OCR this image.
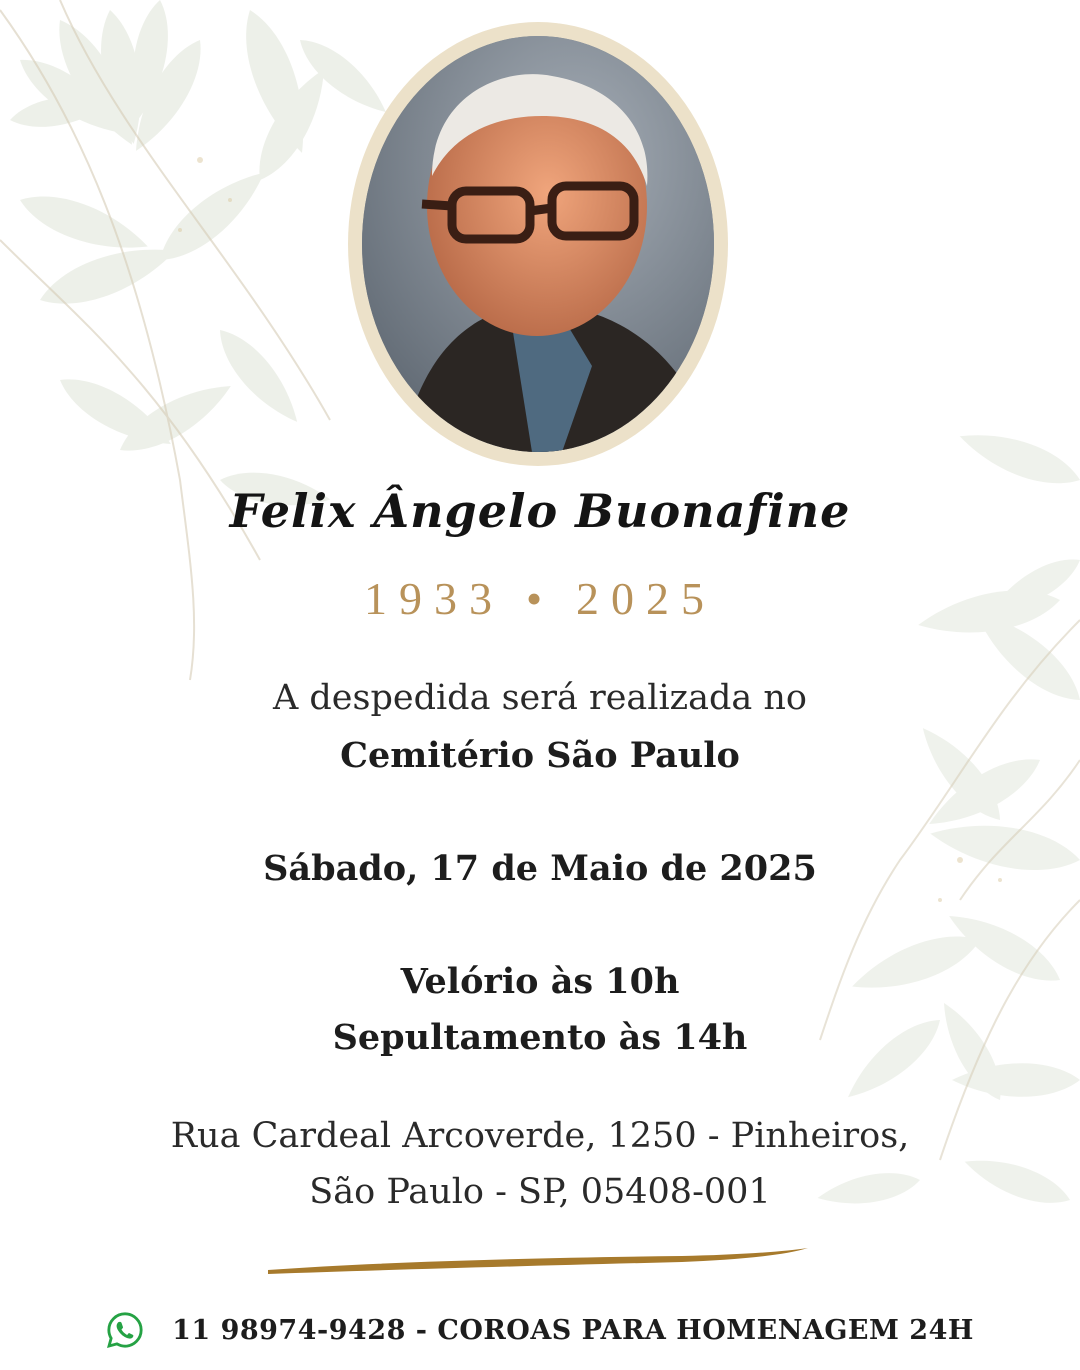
Felix Ângelo Buonafine
1933 • 2025
A despedida será realizada no
Cemitério São Paulo
Sábado, 17 de Maio de 2025
Velório às 10h
Sepultamento às 14h
Rua Cardeal Arcoverde, 1250 - Pinheiros,
São Paulo - SP, 05408-001
11 98974-9428 - COROAS PARA HOMENAGEM 24H
